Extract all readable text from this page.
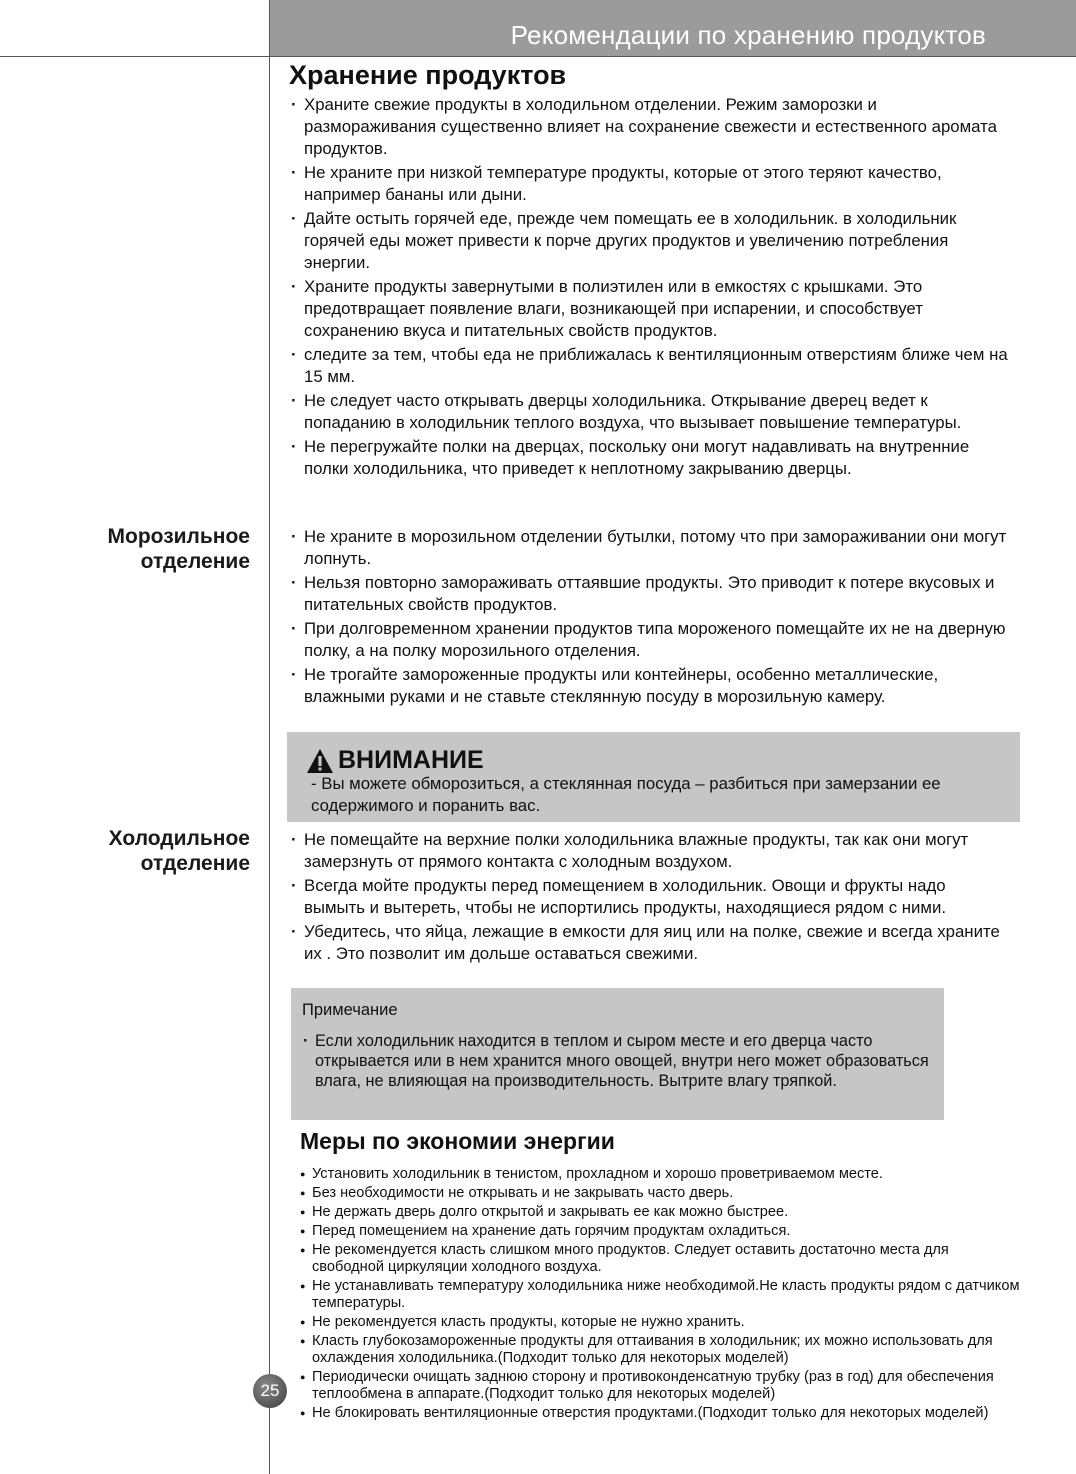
Рекомендации по хранению продуктов
Хранение продуктов
· Храните свежие продукты в холодильном отделении. Режим заморозки и размораживания существенно влияет на сохранение свежести и естественного аромата продуктов.
· Не храните при низкой температуре продукты, которые от этого теряют качество, например бананы или дыни.
· Дайте остыть горячей еде, прежде чем помещать ее в холодильник. в холодильник горячей еды может привести к порче других продуктов и увеличению потребления энергии.
· Храните продукты завернутыми в полиэтилен или в емкостях с крышками. Это предотвращает появление влаги, возникающей при испарении, и способствует сохранению вкуса и питательных свойств продуктов.
· следите за тем, чтобы еда не приближалась к вентиляционным отверстиям ближе чем на 15 мм.
· Не следует часто открывать дверцы холодильника. Открывание дверец ведет к попаданию в холодильник теплого воздуха, что вызывает повышение температуры.
· Не перегружайте полки на дверцах, поскольку они могут надавливать на внутренние полки холодильника, что приведет к неплотному закрыванию дверцы.
Морозильное
отделение
· Не храните в морозильном отделении бутылки, потому что при замораживании они могут лопнуть.
· Нельзя повторно замораживать оттаявшие продукты. Это приводит к потере вкусовых и питательных свойств продуктов.
· При долговременном хранении продуктов типа мороженого помещайте их не на дверную полку, а на полку морозильного отделения.
· Не трогайте замороженные продукты или контейнеры, особенно металлические, влажными руками и не ставьте стеклянную посуду в морозильную камеру.
ВНИМАНИЕ
- Вы можете обморозиться, а стеклянная посуда – разбиться при замерзании ее содержимого и поранить вас.
Холодильное
отделение
· Не помещайте на верхние полки холодильника влажные продукты, так как они могут замерзнуть от прямого контакта с холодным воздухом.
· Всегда мойте продукты перед помещением в холодильник. Овощи и фрукты надо вымыть и вытереть, чтобы не испортились продукты, находящиеся рядом с ними.
· Убедитесь, что яйца, лежащие в емкости для яиц или на полке, свежие и всегда храните их . Это позволит им дольше оставаться свежими.
Примечание
· Если холодильник находится в теплом и сыром месте и его дверца часто открывается или в нем хранится много овощей, внутри него может образоваться влага, не влияющая на производительность. Вытрите влагу тряпкой.
Меры по экономии энергии
● Установить холодильник в тенистом, прохладном и хорошо проветриваемом месте.
● Без необходимости не открывать и не закрывать часто дверь.
● Не держать дверь долго открытой и закрывать ее как можно быстрее.
● Перед помещением на хранение дать горячим продуктам охладиться.
● Не рекомендуется класть слишком много продуктов. Следует оставить достаточно места для свободной циркуляции холодного воздуха.
● Не устанавливать температуру холодильника ниже необходимой.Не класть продукты рядом с датчиком температуры.
● Не рекомендуется класть продукты, которые не нужно хранить.
● Класть глубокозамороженные продукты для оттаивания в холодильник; их можно использовать для охлаждения холодильника.(Подходит только для некоторых моделей)
● Периодически очищать заднюю сторону и противоконденсатную трубку (раз в год) для обеспечения теплообмена в аппарате.(Подходит только для некоторых моделей)
● Не блокировать вентиляционные отверстия продуктами.(Подходит только для некоторых моделей)
25
